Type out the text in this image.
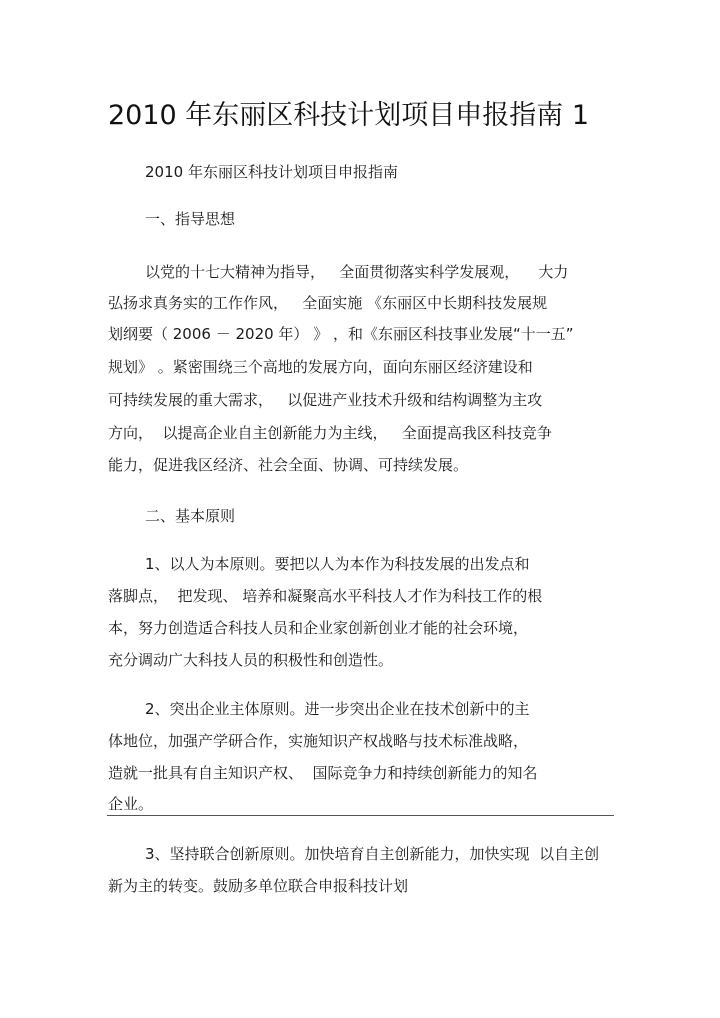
2010 年东丽区科技计划项目申报指南 1
2010 年东丽区科技计划项目申报指南
一、指导思想
以党的十七大精神为指导，   全面贯彻落实科学发展观，    大力
弘扬求真务实的工作作风，   全面实施 《东丽区中长期科技发展规
划纲要（ 2006 － 2020 年） 》 ，和《东丽区科技事业发展“十一五”
规划》 。紧密围绕三个高地的发展方向，面向东丽区经济建设和
可持续发展的重大需求，   以促进产业技术升级和结构调整为主攻
方向，  以提高企业自主创新能力为主线，   全面提高我区科技竞争
能力，促进我区经济、社会全面、协调、可持续发展。
二、基本原则
1、以人为本原则。要把以人为本作为科技发展的出发点和
落脚点，  把发现、 培养和凝聚高水平科技人才作为科技工作的根
本，努力创造适合科技人员和企业家创新创业才能的社会环境，
充分调动广大科技人员的积极性和创造性。
2、突出企业主体原则。进一步突出企业在技术创新中的主
体地位，加强产学研合作，实施知识产权战略与技术标准战略，
造就一批具有自主知识产权、  国际竞争力和持续创新能力的知名
企业。
3、坚持联合创新原则。加快培育自主创新能力，加快实现  以自主创
新为主的转变。鼓励多单位联合申报科技计划
